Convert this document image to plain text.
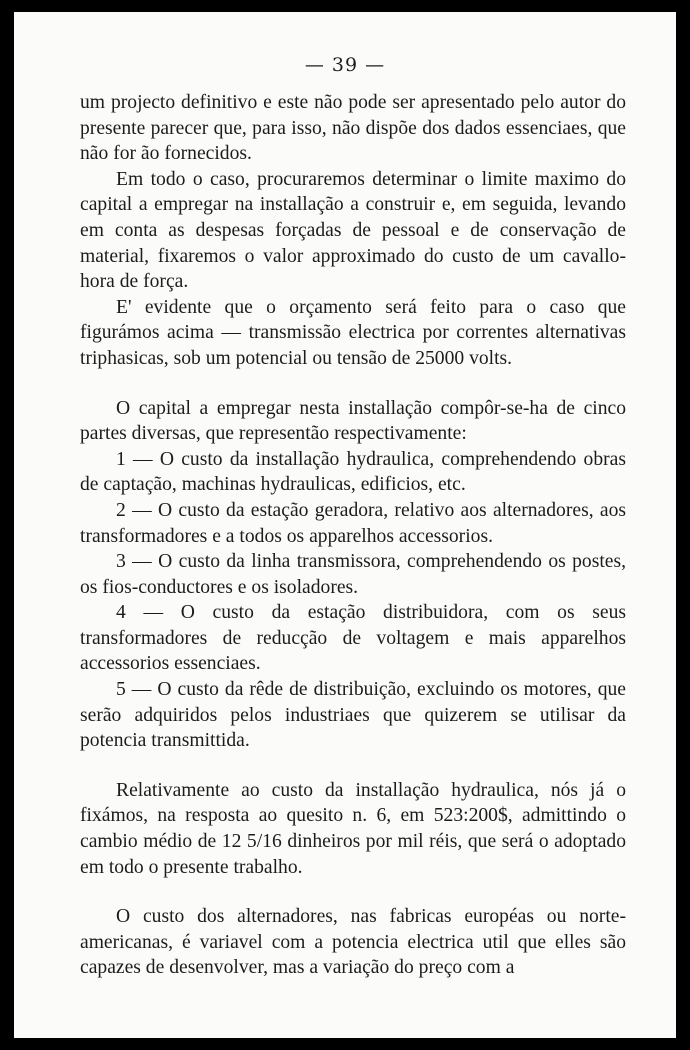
— 39 —

um projecto definitivo e este não pode ser apresentado pelo autor do presente parecer que, para isso, não dispõe dos dados essenciaes, que não for ão fornecidos.

Em todo o caso, procuraremos determinar o limite maximo do capital a empregar na installação a construir e, em seguida, levando em conta as despesas forçadas de pessoal e de conservação de material, fixaremos o valor approximado do custo de um cavallo-hora de força.

E' evidente que o orçamento será feito para o caso que figurámos acima — transmissão electrica por correntes alternativas triphasicas, sob um potencial ou tensão de 25000 volts.

O capital a empregar nesta installação compôr-se-ha de cinco partes diversas, que representão respectivamente:

1 — O custo da installação hydraulica, comprehendendo obras de captação, machinas hydraulicas, edificios, etc.

2 — O custo da estação geradora, relativo aos alternadores, aos transformadores e a todos os apparelhos accessorios.

3 — O custo da linha transmissora, comprehendendo os postes, os fios-conductores e os isoladores.

4 — O custo da estação distribuidora, com os seus transformadores de reducção de voltagem e mais apparelhos accessorios essenciaes.

5 — O custo da rêde de distribuição, excluindo os motores, que serão adquiridos pelos industriaes que quizerem se utilisar da potencia transmittida.

Relativamente ao custo da installação hydraulica, nós já o fixámos, na resposta ao quesito n. 6, em 523:200$, admittindo o cambio médio de 12 5/16 dinheiros por mil réis, que será o adoptado em todo o presente trabalho.

O custo dos alternadores, nas fabricas européas ou norte-americanas, é variavel com a potencia electrica util que elles são capazes de desenvolver, mas a variação do preço com a
